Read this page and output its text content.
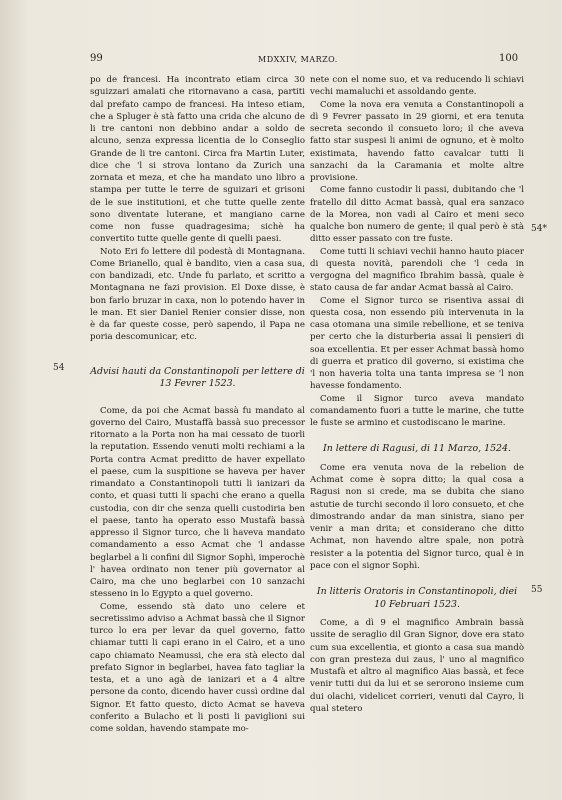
99	MDXXIV, MARZO.	100
54
54*
55

po de francesi. Ha incontrato etiam circa 30 sguizzari amalati che ritornavano a casa, partiti dal prefato campo de francesi. Ha inteso etiam, che a Spluger è stà fatto una crida che alcuno de li tre cantoni non debbino andar a soldo de alcuno, senza expressa licentia de lo Conseglio Grande de li tre cantoni. Circa fra Martin Luter, dice che 'l si strova lontano da Zurich una zornata et meza, et che ha mandato uno libro a stampa per tutte le terre de sguizari et grisoni de le sue institutioni, et che tutte quelle zente sono diventate luterane, et mangiano carne come non fusse quadragesima; sichè ha convertito tutte quelle gente di quelli paesi.

Noto Eri fo lettere dil podestà di Montagnana. Come Brianello, qual è bandito, vien a casa sua, con bandizadi, etc. Unde fu parlato, et scritto a Montagnana ne fazi provision. El Doxe disse, è bon farlo bruzar in caxa, non lo potendo haver in le man. Et sier Daniel Renier consier disse, non è da far queste cosse, però sapendo, il Papa ne poria descomunicar, etc.

Advisi hauti da Constantinopoli per lettere di 13 Fevrer 1523.

Come, da poi che Acmat bassà fu mandato al governo del Cairo, Mustaffà bassà suo precessor ritornato a la Porta non ha mai cessato de tuorli la reputation. Essendo venuti molti rechiami a la Porta contra Acmat preditto de haver expellato el paese, cum la suspitione se haveva per haver rimandato a Constantinopoli tutti li ianizari da conto, et quasi tutti li spachi che erano a quella custodia, con dir che senza quelli custodiria ben el paese, tanto ha operato esso Mustafà bassà appresso il Signor turco, che li haveva mandato comandamento a esso Acmat che 'l andasse beglarbel a li confini dil Signor Sophì, imperochè l' havea ordinato non tener più governator al Cairo, ma che uno beglarbei con 10 sanzachi stesseno in lo Egypto a quel governo.

Come, essendo stà dato uno celere et secretissimo adviso a Achmat bassà che il Signor turco lo era per levar da quel governo, fatto chiamar tutti li capi erano in el Cairo, et a uno capo chiamato Neamussi, che era stà electo dal prefato Signor in beglarbei, havea fato tagliar la testa, et a uno agà de ianizari et a 4 altre persone da conto, dicendo haver cussì ordine dal Signor. Et fatto questo, dicto Acmat se haveva conferito a Bulacho et li posti li paviglioni sui come soldan, havendo stampate mo-

nete con el nome suo, et va reducendo li schiavi vechi mamaluchi et assoldando gente.

Come la nova era venuta a Constantinopoli a dì 9 Fevrer passato in 29 giorni, et era tenuta secreta secondo il consueto loro; il che aveva fatto star suspesi li animi de ognuno, et è molto existimata, havendo fatto cavalcar tutti li sanzachi da la Caramania et molte altre provisione.

Come fanno custodir li passi, dubitando che 'l fratello dil ditto Acmat bassà, qual era sanzaco de la Morea, non vadi al Cairo et meni seco qualche bon numero de gente; il qual però è stà ditto esser passato con tre fuste.

Come tutti li schiavi vechii hanno hauto piacer di questa novità, parendoli che 'l ceda in vergogna del magnifico Ibrahim bassà, quale è stato causa de far andar Acmat bassà al Cairo.

Come el Signor turco se risentiva assai di questa cosa, non essendo più intervenuta in la casa otomana una simile rebellione, et se teniva per certo che la disturberia assai li pensieri di soa excellentia. Et per esser Achmat bassà homo di guerra et pratico dil governo, si existima che 'l non haveria tolta una tanta impresa se 'l non havesse fondamento.

Come il Signor turco aveva mandato comandamento fuori a tutte le marine, che tutte le fuste se armino et custodiscano le marine.

In lettere di Ragusi, di 11 Marzo, 1524.

Come era venuta nova de la rebelion de Achmat come è sopra ditto; la qual cosa a Ragusi non si crede, ma se dubita che siano astutie de turchi secondo il loro consueto, et che dimostrando andar da man sinistra, siano per venir a man drita; et considerano che ditto Achmat, non havendo altre spale, non potrà resister a la potentia del Signor turco, qual è in pace con el signor Sophì.

In litteris Oratoris in Constantinopoli, diei 10 Februari 1523.

Come, a dì 9 el magnifico Ambrain bassà ussite de seraglio dil Gran Signor, dove era stato cum sua excellentia, et gionto a casa sua mandò con gran presteza dui zaus, l' uno al magnifico Mustafà et altro al magnifico Aias bassà, et fece venir tutti dui da lui et se serorono insieme cum dui olachi, videlicet corrieri, venuti dal Cayro, li qual stetero
